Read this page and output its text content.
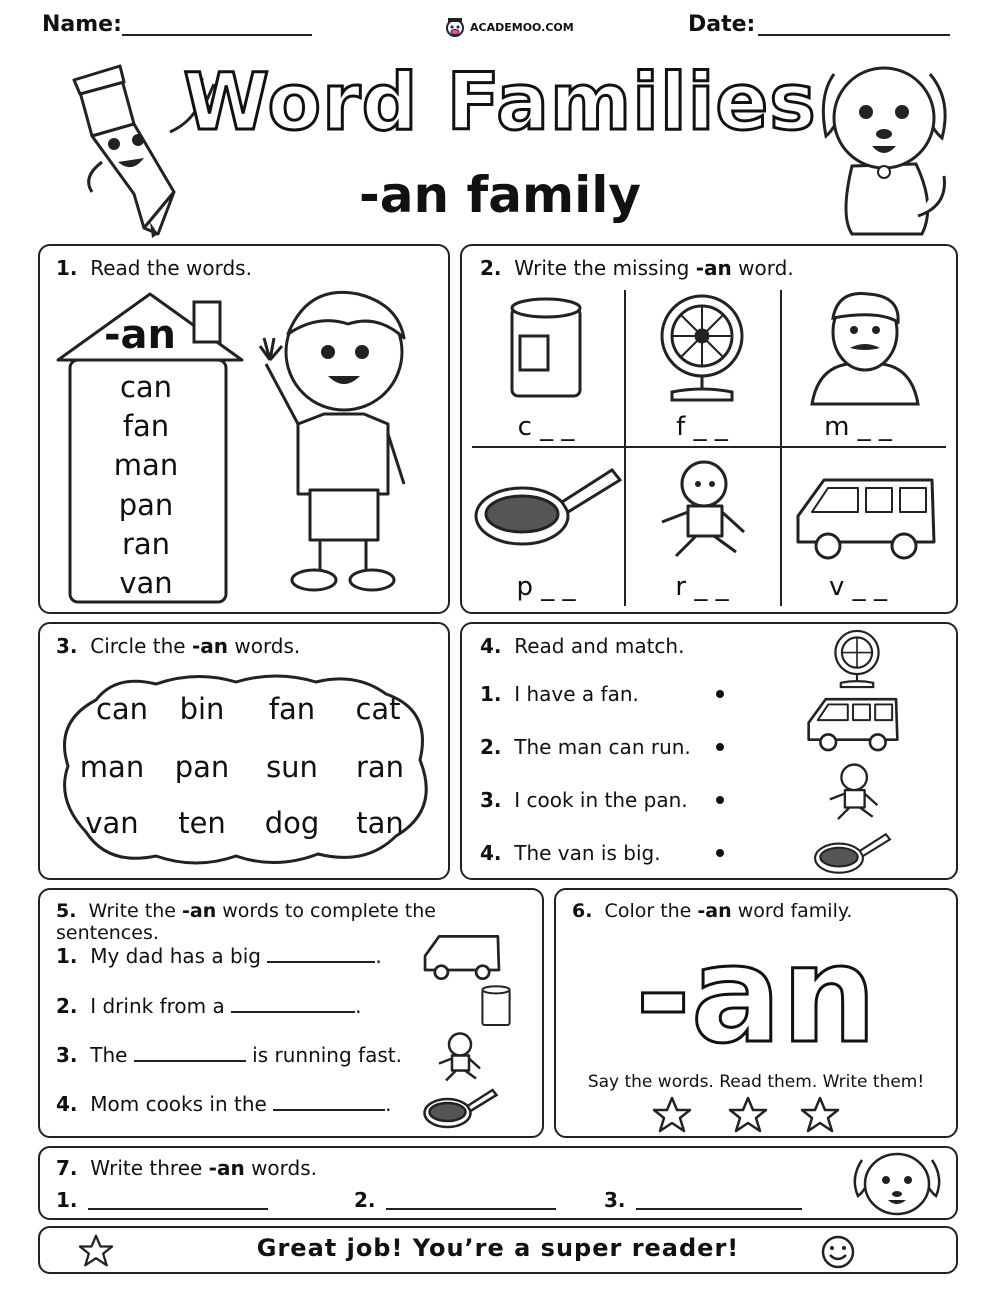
Name:	ACADEMOO.COM	Date:
Word Families
-an family
1. Read the words.
-an
can
fan
man
pan
ran
van
2. Write the missing -an word.
c _ _	f _ _	m _ _
p _ _	r _ _	v _ _
3. Circle the -an words.
can	bin	fan	cat
man	pan	sun	ran
van	ten	dog	tan
4. Read and match.
1. I have a fan.
2. The man can run.
3. I cook in the pan.
4. The van is big.
5. Write the -an words to complete the sentences.
1. My dad has a big	.
2. I drink from a	.
3. The	is running fast.
4. Mom cooks in the	.
6. Color the -an word family.
-an
Say the words. Read them. Write them!
7. Write three -an words.
1.	2.	3.
Great job! You’re a super reader!
